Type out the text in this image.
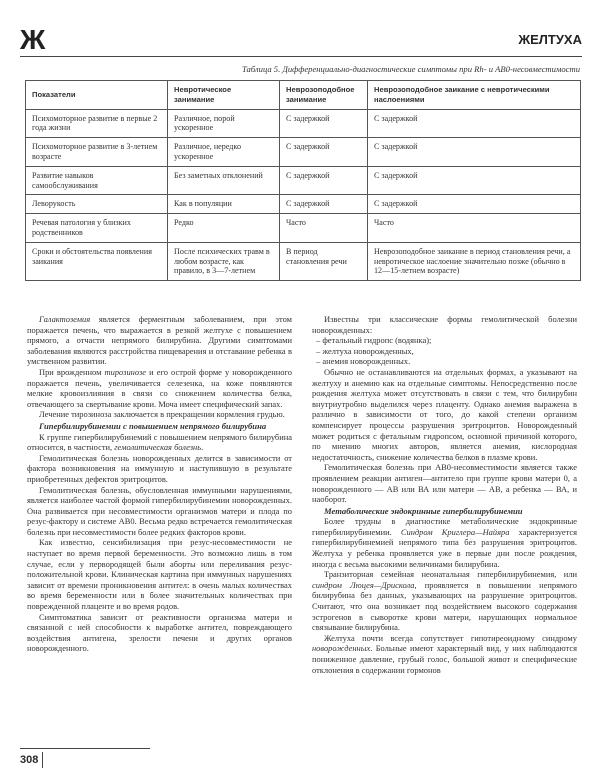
Ж	ЖЕЛТУХА
Таблица 5. Дифференциально-диагностические симптомы при Rh- и АВ0-несовместимости
Показатели	Невротическое занимание	Неврозоподобное занимание	Неврозоподобное заикание с невротическими наслоениями
Психомоторное развитие в первые 2 года жизни	Различное, порой ускоренное	С задержкой	С задержкой
Психомоторное развитие в 3-летнем возрасте	Различное, нередко ускоренное	С задержкой	С задержкой
Развитие навыков самообслуживания	Без заметных отклонений	С задержкой	С задержкой
Леворукость	Как в популяции	С задержкой	С задержкой
Речевая патология у близких родственников	Редко	Часто	Часто
Сроки и обстоятельства появления заикания	После психических травм в любом возрасте, как правило, в 3—7-летнем	В период становления речи	Неврозоподобное заикание в период становления речи, а невротическое наслоение значительно позже (обычно в 12—15-летнем возрасте)

Галактоземия является ферментным заболеванием, при этом поражается печень, что выражается в резкой желтухе с повышением прямого, а отчасти непрямого билирубина. Другими симптомами заболевания являются расстройства пищеварения и отставание ребенка в умственном развитии.

При врожденном тирозинозе и его острой форме у новорожденного поражается печень, увеличивается селезенка, на коже появляются мелкие кровоизлияния в связи со снижением количества белка, отвечающего за свертывание крови. Моча имеет специфический запах.

Лечение тирозиноза заключается в прекращении кормления грудью.

Гипербилирубинемии с повышением непрямого билирубина

К группе гипербилирубинемий с повышением непрямого билирубина относится, в частности, гемолитическая болезнь.

Гемолитическая болезнь новорожденных делится в зависимости от фактора возникновения на иммунную и наступившую в результате приобретенных дефектов эритроцитов.

Гемолитическая болезнь, обусловленная иммунными нарушениями, является наиболее частой формой гипербилирубинемии новорожденных. Она развивается при несовместимости организмов матери и плода по резус-фактору и системе АВ0. Весьма редко встречается гемолитическая болезнь при несовместимости более редких факторов крови.

Как известно, сенсибилизация при резус-несовместимости не наступает во время первой беременности. Это возможно лишь в том случае, если у первородящей были аборты или переливания резус-положительной крови. Клиническая картина при иммунных нарушениях зависит от времени проникновения антител: в очень малых количествах во время беременности или в более значительных количествах при поврежденной плаценте и во время родов.

Симптоматика зависит от реактивности организма матери и связанной с ней способности к выработке антител, повреждающего воздействия антигена, зрелости печени и других органов новорожденного.

Известны три классические формы гемолитической болезни новорожденных:

– фетальный гидропс (водянка);

– желтуха новорожденных,

– анемия новорожденных.

Обычно не останавливаются на отдельных формах, а указывают на желтуху и анемию как на отдельные симптомы. Непосредственно после рождения желтуха может отсутствовать в связи с тем, что билирубин внутриутробно выделился через плаценту. Однако анемия выражена в различно в зависимости от того, до какой степени организм компенсирует процессы разрушения эритроцитов. Новорожденный может родиться с фетальным гидропсом, основной причиной которого, по мнению многих авторов, является анемия, кислородная недостаточность, снижение количества белков в плазме крови.

Гемолитическая болезнь при АВ0-несовместимости является также проявлением реакции антиген—антитело при группе крови матери 0, а новорожденного — АВ или ВА или матери — АВ, а ребенка — ВА, и наоборот.

Метаболические эндокринные гипербилирубинемии

Более трудны в диагностике метаболические эндокринные гипербилирубинемии. Синдром Криглера—Найяра характеризуется гипербилирубинемией непрямого типа без разрушения эритроцитов. Желтуха у ребенка проявляется уже в первые дни после рождения, иногда с весьма высокими величинами билирубина.

Транзиторная семейная неонатальная гипербилирубинемия, или синдром Люцея—Дрискола, проявляется в повышении непрямого билирубина без данных, указывающих на разрушение эритроцитов. Считают, что она возникает под воздействием высокого содержания эстрогенов в сыворотке крови матери, нарушающих нормальное связывание билирубина.

Желтуха почти всегда сопутствует гипотиреоидному синдрому новорожденных. Больные имеют характерный вид, у них наблюдаются пониженное давление, грубый голос, большой живот и специфические отклонения в содержании гормонов

308
